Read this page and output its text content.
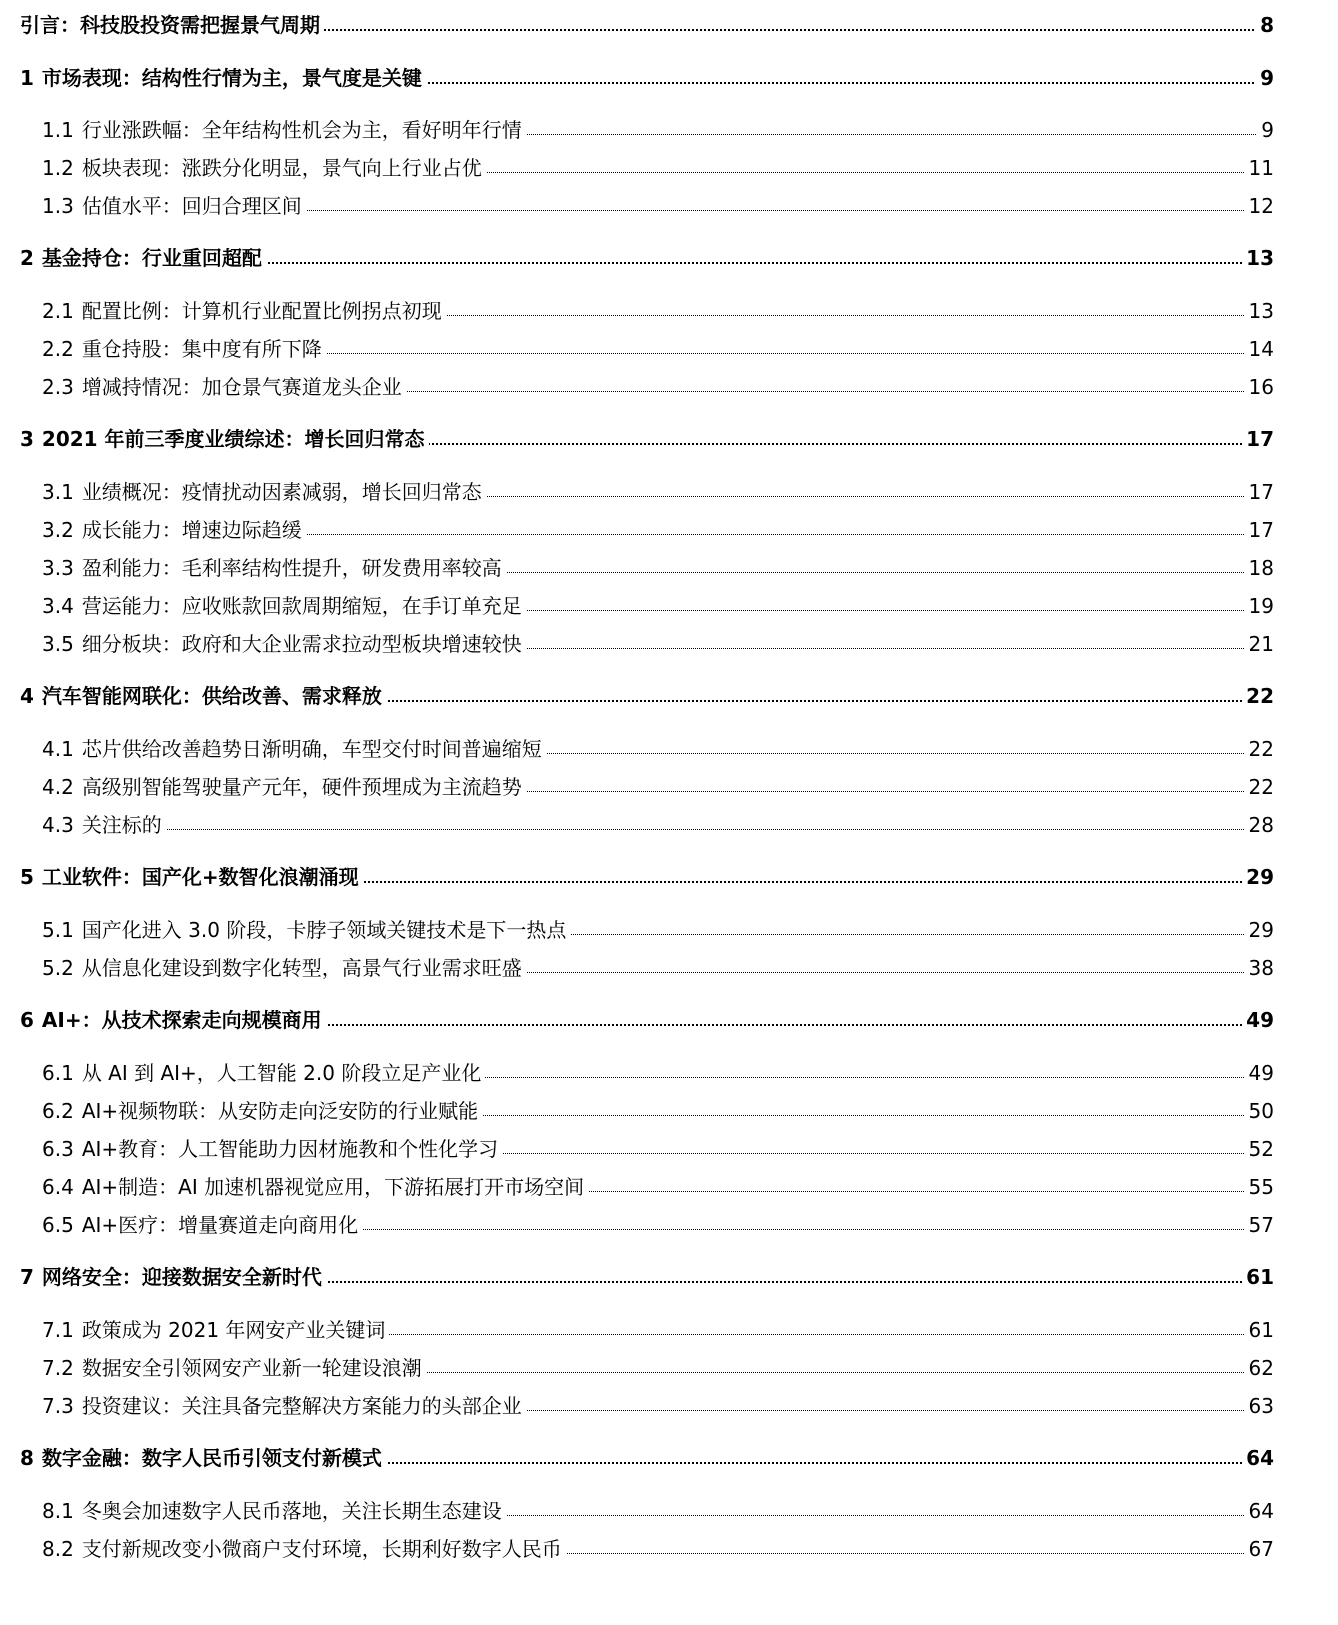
引言：科技股投资需把握景气周期	8
1 市场表现：结构性行情为主，景气度是关键	9
1.1 行业涨跌幅：全年结构性机会为主，看好明年行情	9
1.2 板块表现：涨跌分化明显，景气向上行业占优	11
1.3 估值水平：回归合理区间	12
2 基金持仓：行业重回超配	13
2.1 配置比例：计算机行业配置比例拐点初现	13
2.2 重仓持股：集中度有所下降	14
2.3 增减持情况：加仓景气赛道龙头企业	16
3 2021 年前三季度业绩综述：增长回归常态	17
3.1 业绩概况：疫情扰动因素减弱，增长回归常态	17
3.2 成长能力：增速边际趋缓	17
3.3 盈利能力：毛利率结构性提升，研发费用率较高	18
3.4 营运能力：应收账款回款周期缩短，在手订单充足	19
3.5 细分板块：政府和大企业需求拉动型板块增速较快	21
4 汽车智能网联化：供给改善、需求释放	22
4.1 芯片供给改善趋势日渐明确，车型交付时间普遍缩短	22
4.2 高级别智能驾驶量产元年，硬件预埋成为主流趋势	22
4.3 关注标的	28
5 工业软件：国产化+数智化浪潮涌现	29
5.1 国产化进入 3.0 阶段，卡脖子领域关键技术是下一热点	29
5.2 从信息化建设到数字化转型，高景气行业需求旺盛	38
6 AI+：从技术探索走向规模商用	49
6.1 从 AI 到 AI+，人工智能 2.0 阶段立足产业化	49
6.2 AI+视频物联：从安防走向泛安防的行业赋能	50
6.3 AI+教育：人工智能助力因材施教和个性化学习	52
6.4 AI+制造：AI 加速机器视觉应用，下游拓展打开市场空间	55
6.5 AI+医疗：增量赛道走向商用化	57
7 网络安全：迎接数据安全新时代	61
7.1 政策成为 2021 年网安产业关键词	61
7.2 数据安全引领网安产业新一轮建设浪潮	62
7.3 投资建议：关注具备完整解决方案能力的头部企业	63
8 数字金融：数字人民币引领支付新模式	64
8.1 冬奥会加速数字人民币落地，关注长期生态建设	64
8.2 支付新规改变小微商户支付环境，长期利好数字人民币	67
